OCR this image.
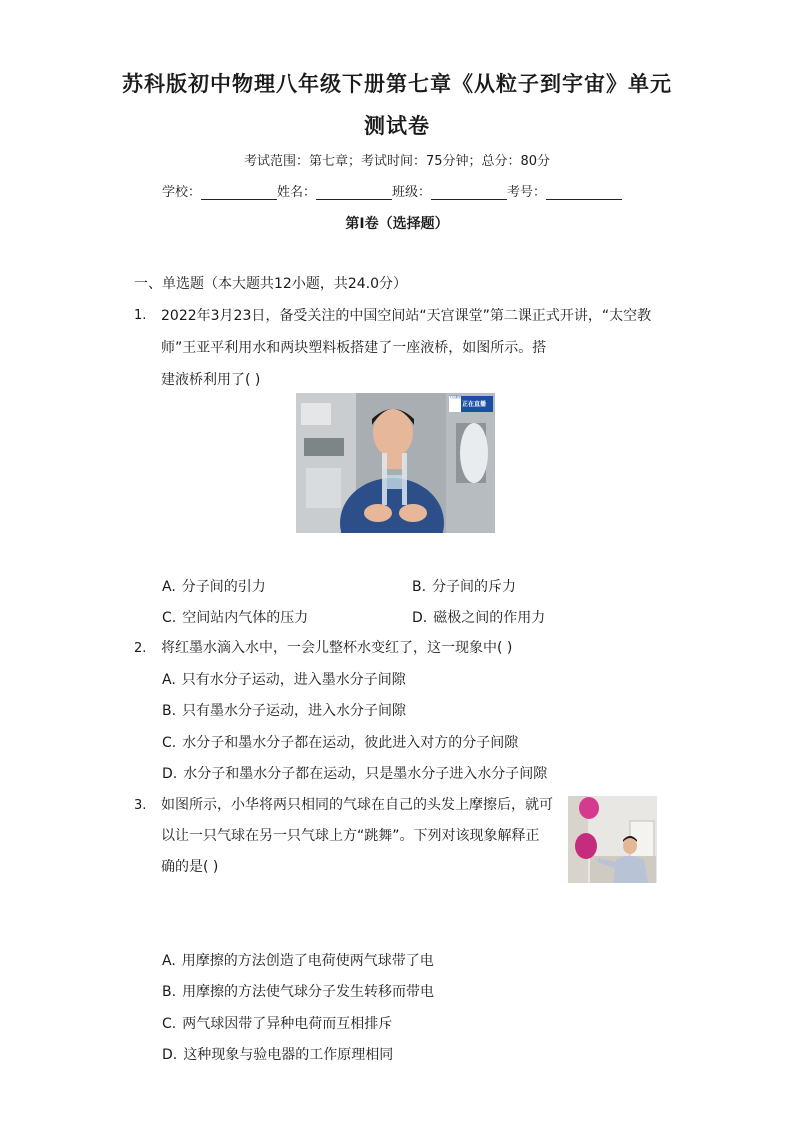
苏科版初中物理八年级下册第七章《从粒子到宇宙》单元
测试卷
考试范围：第七章；考试时间：75分钟；总分：80分
学校：	姓名：	班级：	考号：
第I卷（选择题）
一、单选题（本大题共12小题，共24.0分）
1. 2022年3月23日，备受关注的中国空间站“天宫课堂”第二课正式开讲，“太空教
师”王亚平利用水和两块塑料板搭建了一座液桥，如图所示。搭
建液桥利用了( )
天宫课堂
正在直播
A. 分子间的引力	B. 分子间的斥力
C. 空间站内气体的压力	D. 磁极之间的作用力
2. 将红墨水滴入水中，一会儿整杯水变红了，这一现象中( )
A. 只有水分子运动，进入墨水分子间隙
B. 只有墨水分子运动，进入水分子间隙
C. 水分子和墨水分子都在运动，彼此进入对方的分子间隙
D. 水分子和墨水分子都在运动，只是墨水分子进入水分子间隙
3. 如图所示，小华将两只相同的气球在自己的头发上摩擦后，就可
以让一只气球在另一只气球上方“跳舞”。下列对该现象解释正
确的是( )
A. 用摩擦的方法创造了电荷使两气球带了电
B. 用摩擦的方法使气球分子发生转移而带电
C. 两气球因带了异种电荷而互相排斥
D. 这种现象与验电器的工作原理相同
